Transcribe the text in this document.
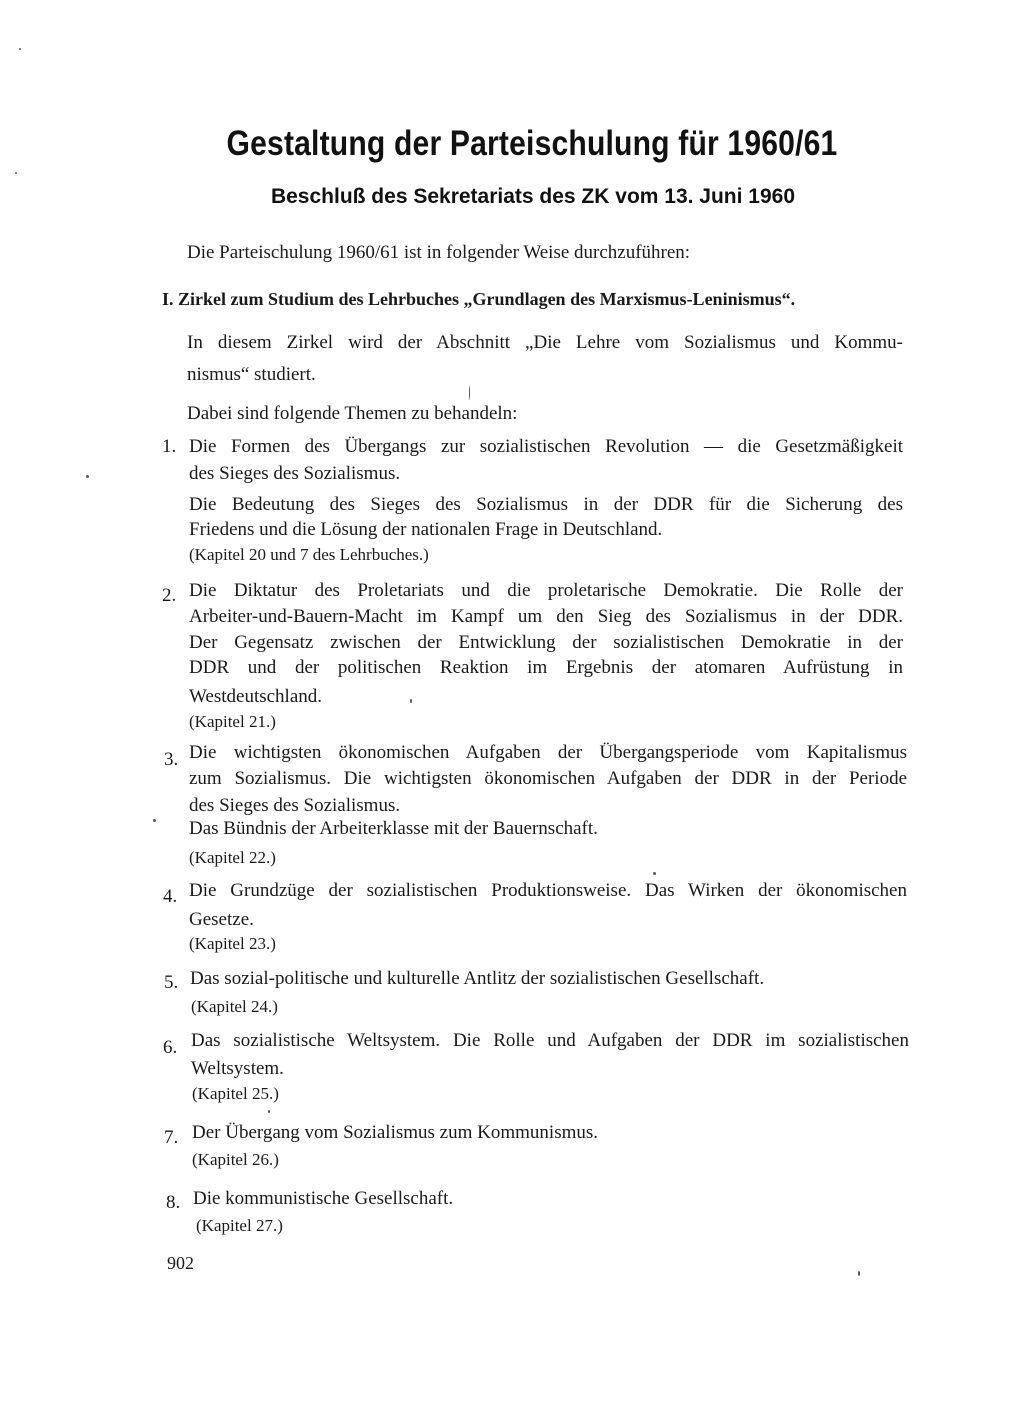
Gestaltung der Parteischulung für 1960/61
Beschluß des Sekretariats des ZK vom 13. Juni 1960
Die Parteischulung 1960/61 ist in folgender Weise durchzuführen:
I. Zirkel zum Studium des Lehrbuches „Grundlagen des Marxismus-Leninismus“.
In diesem Zirkel wird der Abschnitt „Die Lehre vom Sozialismus und Kommu-
nismus“ studiert.
Dabei sind folgende Themen zu behandeln:
1. Die Formen des Übergangs zur sozialistischen Revolution — die Gesetzmäßigkeit
des Sieges des Sozialismus.
Die Bedeutung des Sieges des Sozialismus in der DDR für die Sicherung des
Friedens und die Lösung der nationalen Frage in Deutschland.
(Kapitel 20 und 7 des Lehrbuches.)
2. Die Diktatur des Proletariats und die proletarische Demokratie. Die Rolle der
Arbeiter-und-Bauern-Macht im Kampf um den Sieg des Sozialismus in der DDR.
Der Gegensatz zwischen der Entwicklung der sozialistischen Demokratie in der
DDR und der politischen Reaktion im Ergebnis der atomaren Aufrüstung in
Westdeutschland.
(Kapitel 21.)
3. Die wichtigsten ökonomischen Aufgaben der Übergangsperiode vom Kapitalismus
zum Sozialismus. Die wichtigsten ökonomischen Aufgaben der DDR in der Periode
des Sieges des Sozialismus.
Das Bündnis der Arbeiterklasse mit der Bauernschaft.
(Kapitel 22.)
4. Die Grundzüge der sozialistischen Produktionsweise. Das Wirken der ökonomischen
Gesetze.
(Kapitel 23.)
5. Das sozial-politische und kulturelle Antlitz der sozialistischen Gesellschaft.
(Kapitel 24.)
6. Das sozialistische Weltsystem. Die Rolle und Aufgaben der DDR im sozialistischen
Weltsystem.
(Kapitel 25.)
7. Der Übergang vom Sozialismus zum Kommunismus.
(Kapitel 26.)
8. Die kommunistische Gesellschaft.
(Kapitel 27.)
902
